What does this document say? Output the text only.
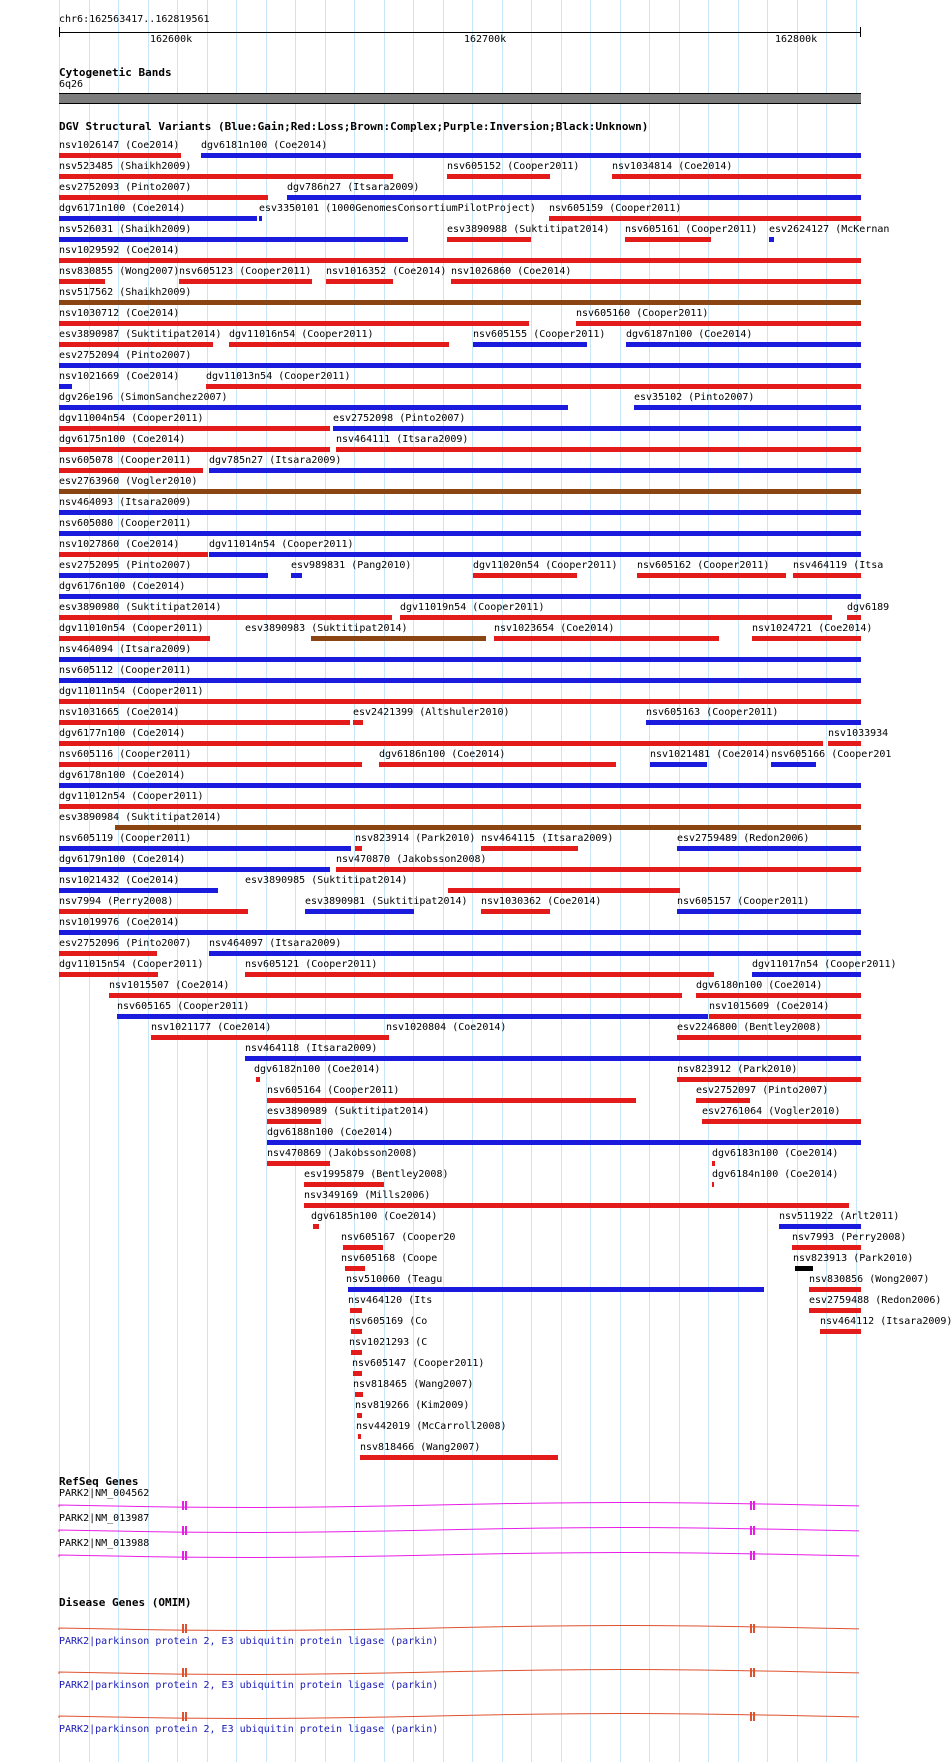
chr6:162563417..162819561
162600k	162700k	162800k
Cytogenetic Bands
6q26
DGV Structural Variants (Blue:Gain;Red:Loss;Brown:Complex;Purple:Inversion;Black:Unknown)
nsv1026147 (Coe2014) dgv6181n100 (Coe2014)
nsv523485 (Shaikh2009)	nsv605152 (Cooper2011)	nsv1034814 (Coe2014)
esv2752093 (Pinto2007)	dgv786n27 (Itsara2009)
dgv6171n100 (Coe2014)	esv3350101 (1000GenomesConsortiumPilotProject) nsv605159 (Cooper2011)
nsv526031 (Shaikh2009)	esv3890988 (Suktitipat2014) nsv605161 (Cooper2011) esv2624127 (McKernan
nsv1029592 (Coe2014)
nsv830855 (Wong2007) nsv605123 (Cooper2011) nsv1016352 (Coe2014) nsv1026860 (Coe2014)
nsv517562 (Shaikh2009)
nsv1030712 (Coe2014)	nsv605160 (Cooper2011)
esv3890987 (Suktitipat2014) dgv11016n54 (Cooper2011)	nsv605155 (Cooper2011) dgv6187n100 (Coe2014)
esv2752094 (Pinto2007)
nsv1021669 (Coe2014)	dgv11013n54 (Cooper2011)
dgv26e196 (SimonSanchez2007)	esv35102 (Pinto2007)
dgv11004n54 (Cooper2011)	esv2752098 (Pinto2007)
dgv6175n100 (Coe2014)	nsv464111 (Itsara2009)
nsv605078 (Cooper2011) dgv785n27 (Itsara2009)
esv2763960 (Vogler2010)
nsv464093 (Itsara2009)
nsv605080 (Cooper2011)
nsv1027860 (Coe2014)	dgv11014n54 (Cooper2011)
esv2752095 (Pinto2007)	esv989831 (Pang2010)	dgv11020n54 (Cooper2011) nsv605162 (Cooper2011) nsv464119 (Itsa
dgv6176n100 (Coe2014)
esv3890980 (Suktitipat2014)	dgv11019n54 (Cooper2011)	dgv6189
dgv11010n54 (Cooper2011)	esv3890983 (Suktitipat2014)	nsv1023654 (Coe2014)	nsv1024721 (Coe2014)
nsv464094 (Itsara2009)
nsv605112 (Cooper2011)
dgv11011n54 (Cooper2011)
nsv1031665 (Coe2014)	esv2421399 (Altshuler2010)	nsv605163 (Cooper2011)
dgv6177n100 (Coe2014)	nsv1033934
nsv605116 (Cooper2011)	dgv6186n100 (Coe2014)	nsv1021481 (Coe2014) nsv605166 (Cooper201
dgv6178n100 (Coe2014)
dgv11012n54 (Cooper2011)
esv3890984 (Suktitipat2014)
nsv605119 (Cooper2011)	nsv823914 (Park2010) nsv464115 (Itsara2009)	esv2759489 (Redon2006)
dgv6179n100 (Coe2014)	nsv470870 (Jakobsson2008)
nsv1021432 (Coe2014)	esv3890985 (Suktitipat2014)
nsv7994 (Perry2008)	esv3890981 (Suktitipat2014) nsv1030362 (Coe2014)	nsv605157 (Cooper2011)
nsv1019976 (Coe2014)
esv2752096 (Pinto2007) nsv464097 (Itsara2009)
dgv11015n54 (Cooper2011)	nsv605121 (Cooper2011)	dgv11017n54 (Cooper2011)
nsv1015507 (Coe2014)	dgv6180n100 (Coe2014)
nsv605165 (Cooper2011)	nsv1015609 (Coe2014)
nsv1021177 (Coe2014)	nsv1020804 (Coe2014)	esv2246800 (Bentley2008)
nsv464118 (Itsara2009)
dgv6182n100 (Coe2014)	nsv823912 (Park2010)
nsv605164 (Cooper2011)	esv2752097 (Pinto2007)
esv3890989 (Suktitipat2014)	esv2761064 (Vogler2010)
dgv6188n100 (Coe2014)
nsv470869 (Jakobsson2008)	dgv6183n100 (Coe2014)
esv1995879 (Bentley2008)	dgv6184n100 (Coe2014)
nsv349169 (Mills2006)
dgv6185n100 (Coe2014)	nsv511922 (Arlt2011)
nsv605167 (Cooper20	nsv7993 (Perry2008)
nsv605168 (Coope	nsv823913 (Park2010)
nsv510060 (Teagu	nsv830856 (Wong2007)
nsv464120 (Its	esv2759488 (Redon2006)
nsv605169 (Co	nsv464112 (Itsara2009)
nsv1021293 (C
nsv605147 (Cooper2011)
nsv818465 (Wang2007)
nsv819266 (Kim2009)
nsv442019 (McCarroll2008)
nsv818466 (Wang2007)
RefSeq Genes
PARK2|NM_004562
PARK2|NM_013987
PARK2|NM_013988
Disease Genes (OMIM)
PARK2|parkinson protein 2, E3 ubiquitin protein ligase (parkin)
PARK2|parkinson protein 2, E3 ubiquitin protein ligase (parkin)
PARK2|parkinson protein 2, E3 ubiquitin protein ligase (parkin)
